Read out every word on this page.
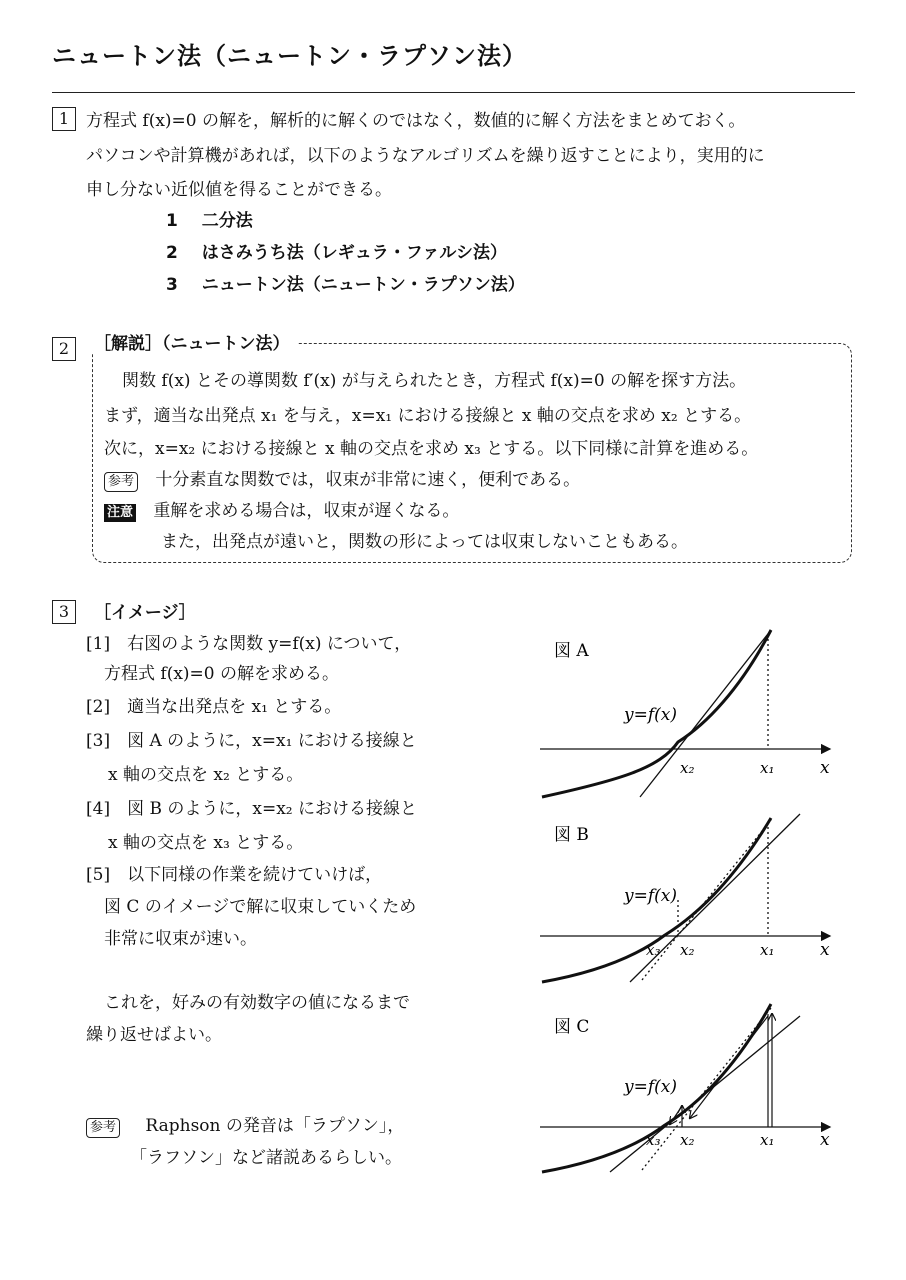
ニュートン法（ニュートン・ラプソン法）
1 方程式 f(x)=0 の解を，解析的に解くのではなく，数値的に解く方法をまとめておく。
パソコンや計算機があれば，以下のようなアルゴリズムを繰り返すことにより，実用的に
申し分ない近似値を得ることができる。
1 二分法
2 はさみうち法（レギュラ・ファルシ法）
3 ニュートン法（ニュートン・ラプソン法）
2	［解説］（ニュートン法）
関数 f(x) とその導関数 f′(x) が与えられたとき，方程式 f(x)=0 の解を探す方法。
まず，適当な出発点 x₁ を与え，x=x₁ における接線と x 軸の交点を求め x₂ とする。
次に，x=x₂ における接線と x 軸の交点を求め x₃ とする。以下同様に計算を進める。
参考 十分素直な関数では，収束が非常に速く，便利である。
注意 重解を求める場合は，収束が遅くなる。
また，出発点が遠いと，関数の形によっては収束しないこともある。
3	［イメージ］
[1]　右図のような関数 y=f(x) について，
方程式 f(x)=0 の解を求める。
[2]　適当な出発点を x₁ とする。
[3]　図 A のように，x=x₁ における接線と
x 軸の交点を x₂ とする。
[4]　図 B のように，x=x₂ における接線と
x 軸の交点を x₃ とする。
[5]　以下同様の作業を続けていけば，
図 C のイメージで解に収束していくため
非常に収束が速い。
これを，好みの有効数字の値になるまで
繰り返せばよい。
参考 Raphson の発音は「ラプソン」，
「ラフソン」など諸説あるらしい。
図 A
y=f(x)
x₂	x₁	x
図 B
y=f(x)
x₃ x₂	x₁	x
図 C
y=f(x)
x₃ x₂	x₁	x
